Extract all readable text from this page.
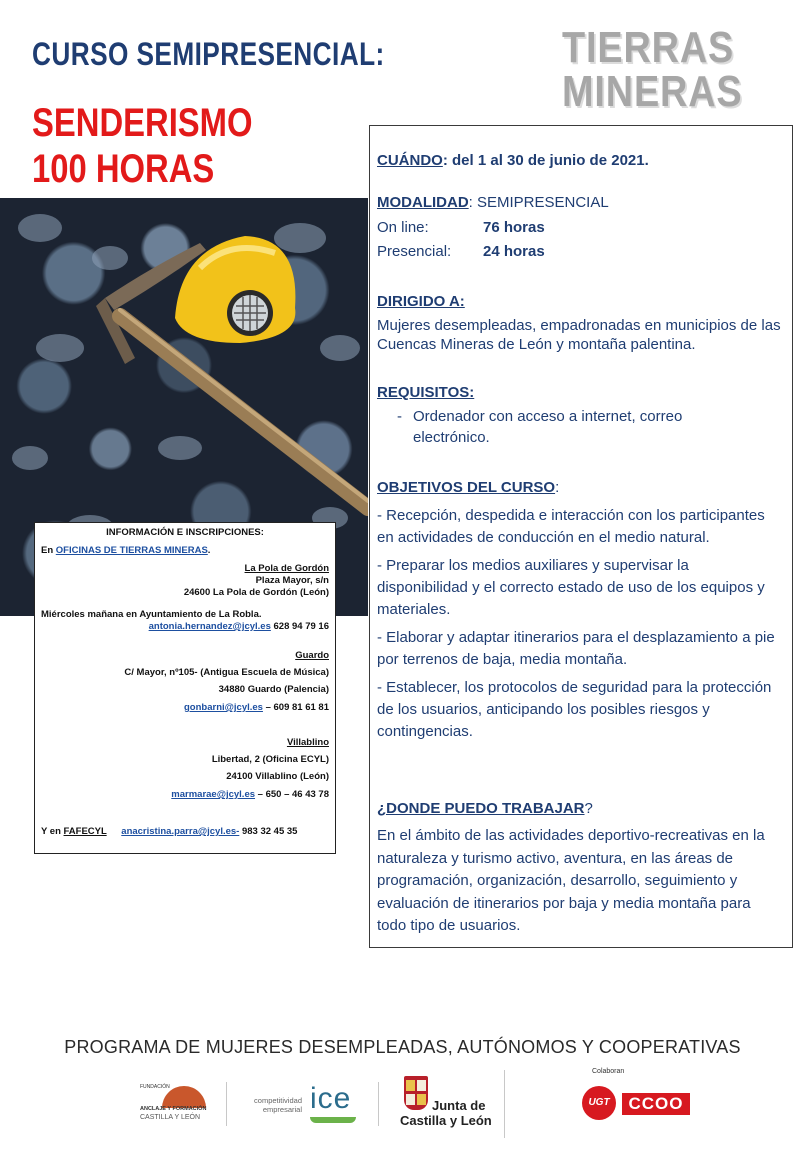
CURSO SEMIPRESENCIAL:
SENDERISMO
100 HORAS
TIERRAS
MINERAS
INFORMACIÓN E INSCRIPCIONES:
En OFICINAS DE TIERRAS MINERAS.
La Pola de Gordón
Plaza Mayor, s/n
24600 La Pola de Gordón (León)
Miércoles mañana en Ayuntamiento de La Robla.
antonia.hernandez@jcyl.es 628 94 79 16
Guardo
C/ Mayor, nº105- (Antigua Escuela de Música)
34880 Guardo (Palencia)
gonbarni@jcyl.es – 609 81 61 81
Villablino
Libertad, 2 (Oficina ECYL)
24100 Villablino (León)
marmarae@jcyl.es – 650 – 46 43 78
Y en FAFECYL anacristina.parra@jcyl.es- 983 32 45 35
CUÁNDO: del 1 al 30 de junio de 2021.
MODALIDAD: SEMIPRESENCIAL
On line:	76 horas
Presencial: 24 horas
DIRIGIDO A:
Mujeres desempleadas, empadronadas en municipios de las Cuencas Mineras de León y montaña palentina.
REQUISITOS:
- Ordenador con acceso a internet, correo electrónico.
OBJETIVOS DEL CURSO:
- Recepción, despedida e interacción con los participantes en actividades de conducción en el medio natural.
- Preparar los medios auxiliares y supervisar la disponibilidad y el correcto estado de uso de los equipos y materiales.
- Elaborar y adaptar itinerarios para el desplazamiento a pie por terrenos de baja, media montaña.
- Establecer, los protocolos de seguridad para la protección de los usuarios, anticipando los posibles riesgos y contingencias.
¿DONDE PUEDO TRABAJAR?
En el ámbito de las actividades deportivo-recreativas en la naturaleza y turismo activo, aventura, en las áreas de programación, organización, desarrollo, seguimiento y evaluación de itinerarios por baja y media montaña para todo tipo de usuarios.
PROGRAMA DE MUJERES DESEMPLEADAS, AUTÓNOMOS Y COOPERATIVAS
FUNDACIÓN
ANCLAJE Y FORMACIÓN
CASTILLA Y LEÓN
competitividad
empresarial ice	Junta de
Castilla y León
Colaboran
UGT	CCOO
